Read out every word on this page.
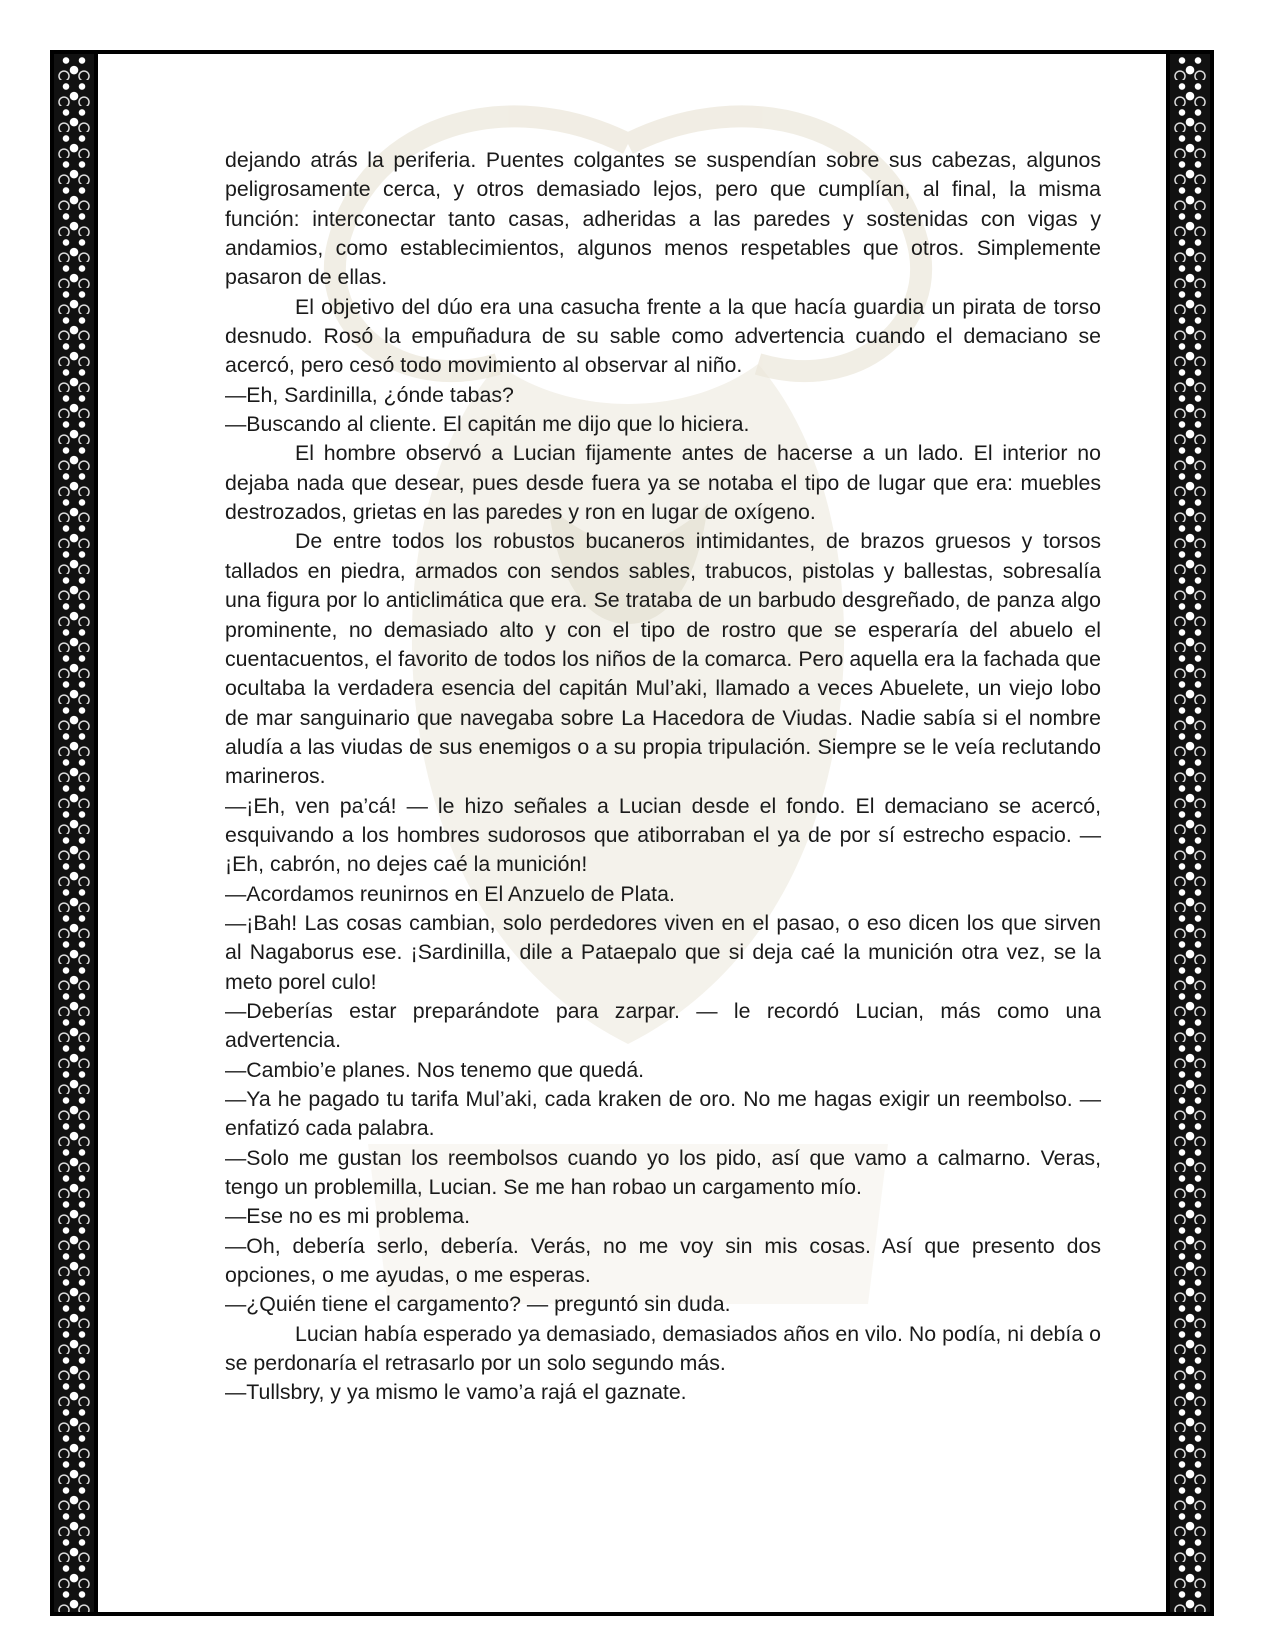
dejando atrás la periferia. Puentes colgantes se suspendían sobre sus cabezas, algunos peligrosamente cerca, y otros demasiado lejos, pero que cumplían, al final, la misma función: interconectar tanto casas, adheridas a las paredes y sostenidas con vigas y andamios, como establecimientos, algunos menos respetables que otros. Simplemente pasaron de ellas.

El objetivo del dúo era una casucha frente a la que hacía guardia un pirata de torso desnudo. Rosó la empuñadura de su sable como advertencia cuando el demaciano se acercó, pero cesó todo movimiento al observar al niño.

—Eh, Sardinilla, ¿ónde tabas?

—Buscando al cliente. El capitán me dijo que lo hiciera.

El hombre observó a Lucian fijamente antes de hacerse a un lado. El interior no dejaba nada que desear, pues desde fuera ya se notaba el tipo de lugar que era: muebles destrozados, grietas en las paredes y ron en lugar de oxígeno.

De entre todos los robustos bucaneros intimidantes, de brazos gruesos y torsos tallados en piedra, armados con sendos sables, trabucos, pistolas y ballestas, sobresalía una figura por lo anticlimática que era. Se trataba de un barbudo desgreñado, de panza algo prominente, no demasiado alto y con el tipo de rostro que se esperaría del abuelo el cuentacuentos, el favorito de todos los niños de la comarca. Pero aquella era la fachada que ocultaba la verdadera esencia del capitán Mul’aki, llamado a veces Abuelete, un viejo lobo de mar sanguinario que navegaba sobre La Hacedora de Viudas. Nadie sabía si el nombre aludía a las viudas de sus enemigos o a su propia tripulación. Siempre se le veía reclutando marineros.

—¡Eh, ven pa’cá! — le hizo señales a Lucian desde el fondo. El demaciano se acercó, esquivando a los hombres sudorosos que atiborraban el ya de por sí estrecho espacio. —¡Eh, cabrón, no dejes caé la munición!

—Acordamos reunirnos en El Anzuelo de Plata.

—¡Bah! Las cosas cambian, solo perdedores viven en el pasao, o eso dicen los que sirven al Nagaborus ese. ¡Sardinilla, dile a Pataepalo que si deja caé la munición otra vez, se la meto porel culo!

—Deberías estar preparándote para zarpar. — le recordó Lucian, más como una advertencia.

—Cambio’e planes. Nos tenemo que quedá.

—Ya he pagado tu tarifa Mul’aki, cada kraken de oro. No me hagas exigir un reembolso. — enfatizó cada palabra.

—Solo me gustan los reembolsos cuando yo los pido, así que vamo a calmarno. Veras, tengo un problemilla, Lucian. Se me han robao un cargamento mío.

—Ese no es mi problema.

—Oh, debería serlo, debería. Verás, no me voy sin mis cosas. Así que presento dos opciones, o me ayudas, o me esperas.

—¿Quién tiene el cargamento? — preguntó sin duda.

Lucian había esperado ya demasiado, demasiados años en vilo. No podía, ni debía o se perdonaría el retrasarlo por un solo segundo más.

—Tullsbry, y ya mismo le vamo’a rajá el gaznate.
